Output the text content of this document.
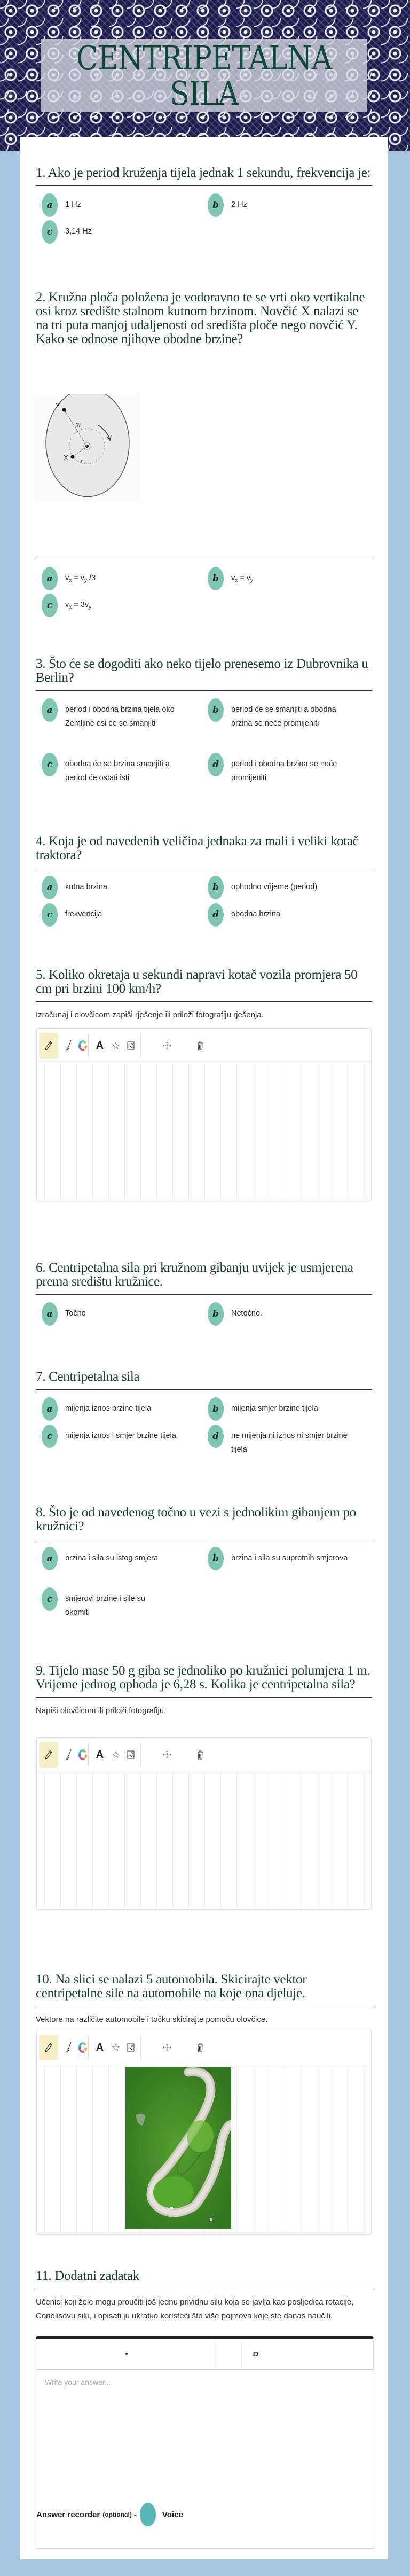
CENTRIPETALNA
SILA
1. Ako je period kruženja tijela jednak 1 sekundu, frekvencija je:
a	1 Hz	b	2 Hz
c	3,14 Hz
2. Kružna ploča položena je vodoravno te se vrti oko vertikalne osi kroz središte stalnom kutnom brzinom. Novčić X nalazi se na tri puta manjoj udaljenosti od središta ploče nego novčić Y. Kako se odnose njihove obodne brzine?
Y
X
3r
r
a	$v_x = v_y$ /3	b	$v_x = v_y$
c	$v_x = 3v_y$
3. Što će se dogoditi ako neko tijelo prenesemo iz Dubrovnika u Berlin?
a	period i obodna brzina tijela oko Zemljine osi će se smanjiti
b	period će se smanjiti a obodna brzina se neće promijeniti
c	obodna će se brzina smanjiti a period će ostati isti
d	period i obodna brzina se neće promijeniti
4. Koja je od navedenih veličina jednaka za mali i veliki kotač traktora?
a	kutna brzina	b	ophodno vrijeme (period)
c	frekvencija	d	obodna brzina
5. Koliko okretaja u sekundi napravi kotač vozila promjera 50 cm pri brzini 100 km/h?
Izračunaj i olovčicom zapiši rješenje ili priloži fotografiju rješenja.
A ☆
6. Centripetalna sila pri kružnom gibanju uvijek je usmjerena prema središtu kružnice.
a	Točno	b	Netočno.
7. Centripetalna sila
a	mijenja iznos brzine tijela	b	mijenja smjer brzine tijela
c	mijenja iznos i smjer brzine tijela	d	ne mijenja ni iznos ni smjer brzine tijela
8. Što je od navedenog točno u vezi s jednolikim gibanjem po kružnici?
a	brzina i sila su istog smjera	b	brzina i sila su suprotnih smjerova
c	smjerovi brzine i sile su okomiti
9. Tijelo mase 50 g giba se jednoliko po kružnici polumjera 1 m. Vrijeme jednog ophoda je 6,28 s. Kolika je centripetalna sila?
Napiši olovčicom ili priloži fotografiju.
A ☆
10. Na slici se nalazi 5 automobila. Skicirajte vektor centripetalne sile na automobile na koje ona djeluje.
Vektore na različite automobile i točku skicirajte pomoću olovčice.
A ☆
11. Dodatni zadatak
Učenici koji žele mogu proučiti još jednu prividnu silu koja se javlja kao posljedica rotacije, Coriolisovu silu, i opisati ju ukratko koristeći što više pojmova koje ste danas naučili.
▾	Ω
Write your answer...
Answer recorder (optional) -	Voice
